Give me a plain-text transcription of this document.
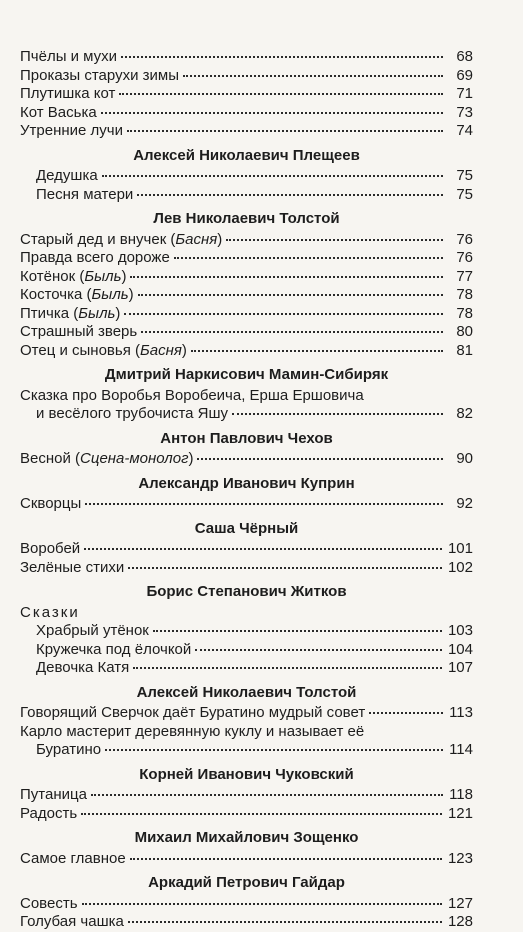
Пчёлы и мухи	68
Проказы старухи зимы	69
Плутишка кот	71
Кот Васька	73
Утренние лучи	74
Алексей Николаевич Плещеев
Дедушка	75
Песня матери	75
Лев Николаевич Толстой
Старый дед и внучек (Басня)	76
Правда всего дороже	76
Котёнок (Быль)	77
Косточка (Быль)	78
Птичка (Быль)	78
Страшный зверь	80
Отец и сыновья (Басня)	81
Дмитрий Наркисович Мамин-Сибиряк
Сказка про Воробья Воробеича, Ерша Ершовича
и весёлого трубочиста Яшу	82
Антон Павлович Чехов
Весной (Сцена-монолог)	90
Александр Иванович Куприн
Скворцы	92
Саша Чёрный
Воробей	101
Зелёные стихи	102
Борис Степанович Житков
Сказки
Храбрый утёнок	103
Кружечка под ёлочкой	104
Девочка Катя	107
Алексей Николаевич Толстой
Говорящий Сверчок даёт Буратино мудрый совет	113
Карло мастерит деревянную куклу и называет её
Буратино	114
Корней Иванович Чуковский
Путаница	118
Радость	121
Михаил Михайлович Зощенко
Самое главное	123
Аркадий Петрович Гайдар
Совесть	127
Голубая чашка	128
